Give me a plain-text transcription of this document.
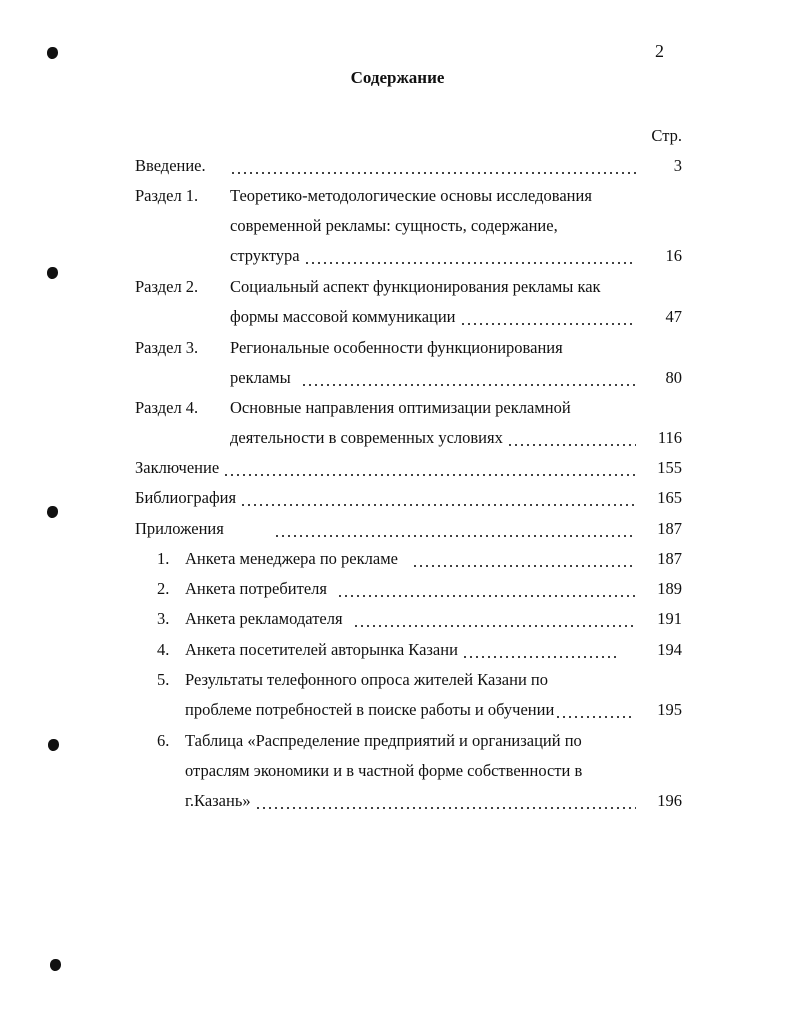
2
Содержание
Стр.
Введение.	3
Раздел 1. Теоретико-методологические основы исследования
современной рекламы: сущность, содержание,
структура	16
Раздел 2. Социальный аспект функционирования рекламы как
формы массовой коммуникации	47
Раздел 3. Региональные особенности функционирования
рекламы	80
Раздел 4. Основные направления оптимизации рекламной
деятельности в современных условиях	116
Заключение	155
Библиография	165
Приложения	187
1. Анкета менеджера по рекламе	187
2. Анкета потребителя	189
3. Анкета рекламодателя	191
4. Анкета посетителей авторынка Казани	194
5. Результаты телефонного опроса жителей Казани по
проблеме потребностей в поиске работы и обучении	195
6. Таблица «Распределение предприятий и организаций по
отраслям экономики и в частной форме собственности в
г.Казань»	196
